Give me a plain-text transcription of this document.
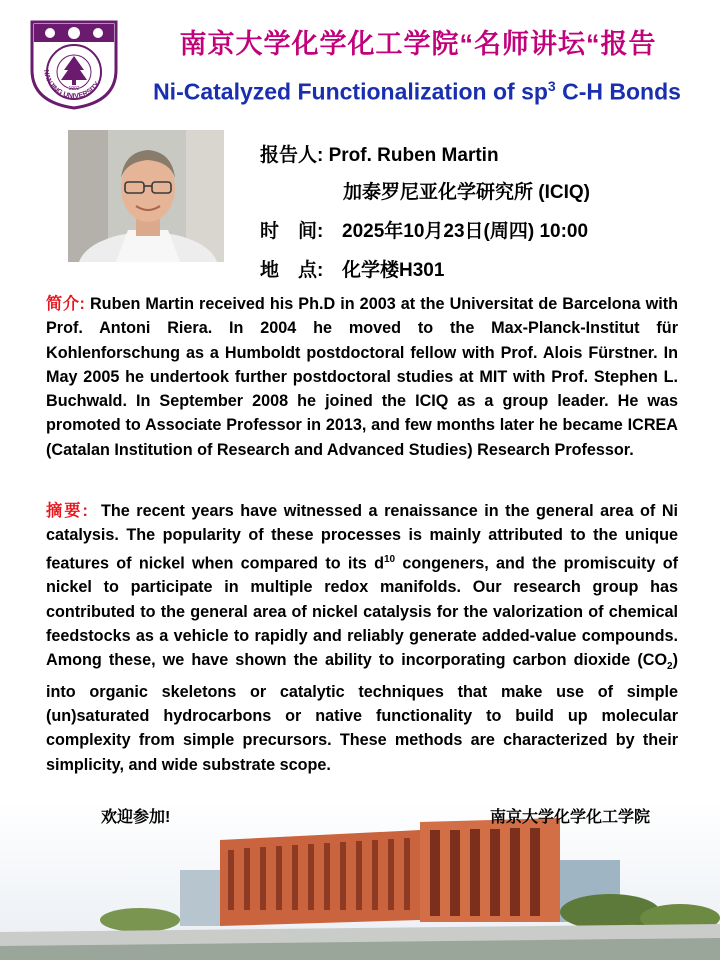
NANJING UNIVERSITY
1902
南京大学化学化工学院“名师讲坛“报告
Ni-Catalyzed Functionalization of $sp^3$ C-H Bonds
报告人: Prof. Ruben Martin
加泰罗尼亚化学研究所 (ICIQ)
时　间: 2025年10月23日(周四) 10:00
地　点: 化学楼H301
简介: Ruben Martin received his Ph.D in 2003 at the Universitat de Barcelona with Prof. Antoni Riera. In 2004 he moved to the Max-Planck-Institut für Kohlenforschung as a Humboldt postdoctoral fellow with Prof. Alois Fürstner. In May 2005 he undertook further postdoctoral studies at MIT with Prof. Stephen L. Buchwald. In September 2008 he joined the ICIQ as a group leader. He was promoted to Associate Professor in 2013, and few months later he became ICREA (Catalan Institution of Research and Advanced Studies) Research Professor.
摘要:  The recent years have witnessed a renaissance in the general area of Ni catalysis. The popularity of these processes is mainly attributed to the unique features of nickel when compared to its $d^{10}$ congeners, and the promiscuity of nickel to participate in multiple redox manifolds. Our research group has contributed to the general area of nickel catalysis for the valorization of chemical feedstocks as a vehicle to rapidly and reliably generate added-value compounds. Among these, we have shown the ability to incorporating carbon dioxide $(CO_2)$ into organic skeletons or catalytic techniques that make use of simple (un)saturated hydrocarbons or native functionality to build up molecular complexity from simple precursors. These methods are characterized by their simplicity, and wide substrate scope.
欢迎参加!	南京大学化学化工学院
